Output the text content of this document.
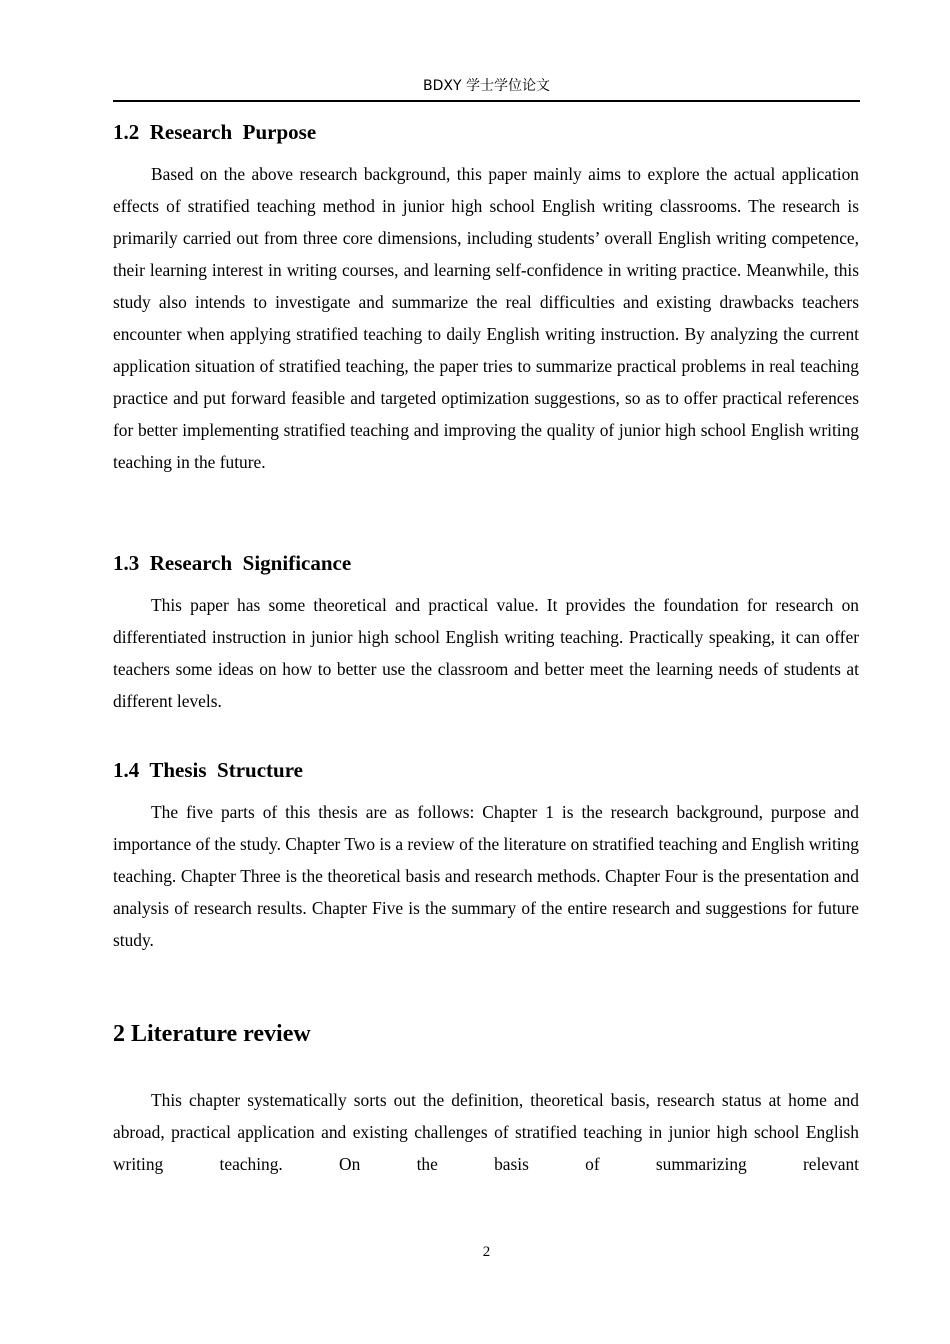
BDXY 学士学位论文
1.2  Research  Purpose

Based on the above research background, this paper mainly aims to explore the actual application effects of stratified teaching method in junior high school English writing classrooms. The research is primarily carried out from three core dimensions, including students’ overall English writing competence, their learning interest in writing courses, and learning self-confidence in writing practice. Meanwhile, this study also intends to investigate and summarize the real difficulties and existing drawbacks teachers encounter when applying stratified teaching to daily English writing instruction. By analyzing the current application situation of stratified teaching, the paper tries to summarize practical problems in real teaching practice and put forward feasible and targeted optimization suggestions, so as to offer practical references for better implementing stratified teaching and improving the quality of junior high school English writing teaching in the future.

1.3  Research  Significance

This paper has some theoretical and practical value. It provides the foundation for research on differentiated instruction in junior high school English writing teaching. Practically speaking, it can offer teachers some ideas on how to better use the classroom and better meet the learning needs of students at different levels.

1.4  Thesis  Structure

The five parts of this thesis are as follows: Chapter 1 is the research background, purpose and importance of the study. Chapter Two is a review of the literature on stratified teaching and English writing teaching. Chapter Three is the theoretical basis and research methods. Chapter Four is the presentation and analysis of research results. Chapter Five is the summary of the entire research and suggestions for future study.

2 Literature review

This chapter systematically sorts out the definition, theoretical basis, research status at home and abroad, practical application and existing challenges of stratified teaching in junior high school English writing teaching. On the basis of summarizing relevant

2
